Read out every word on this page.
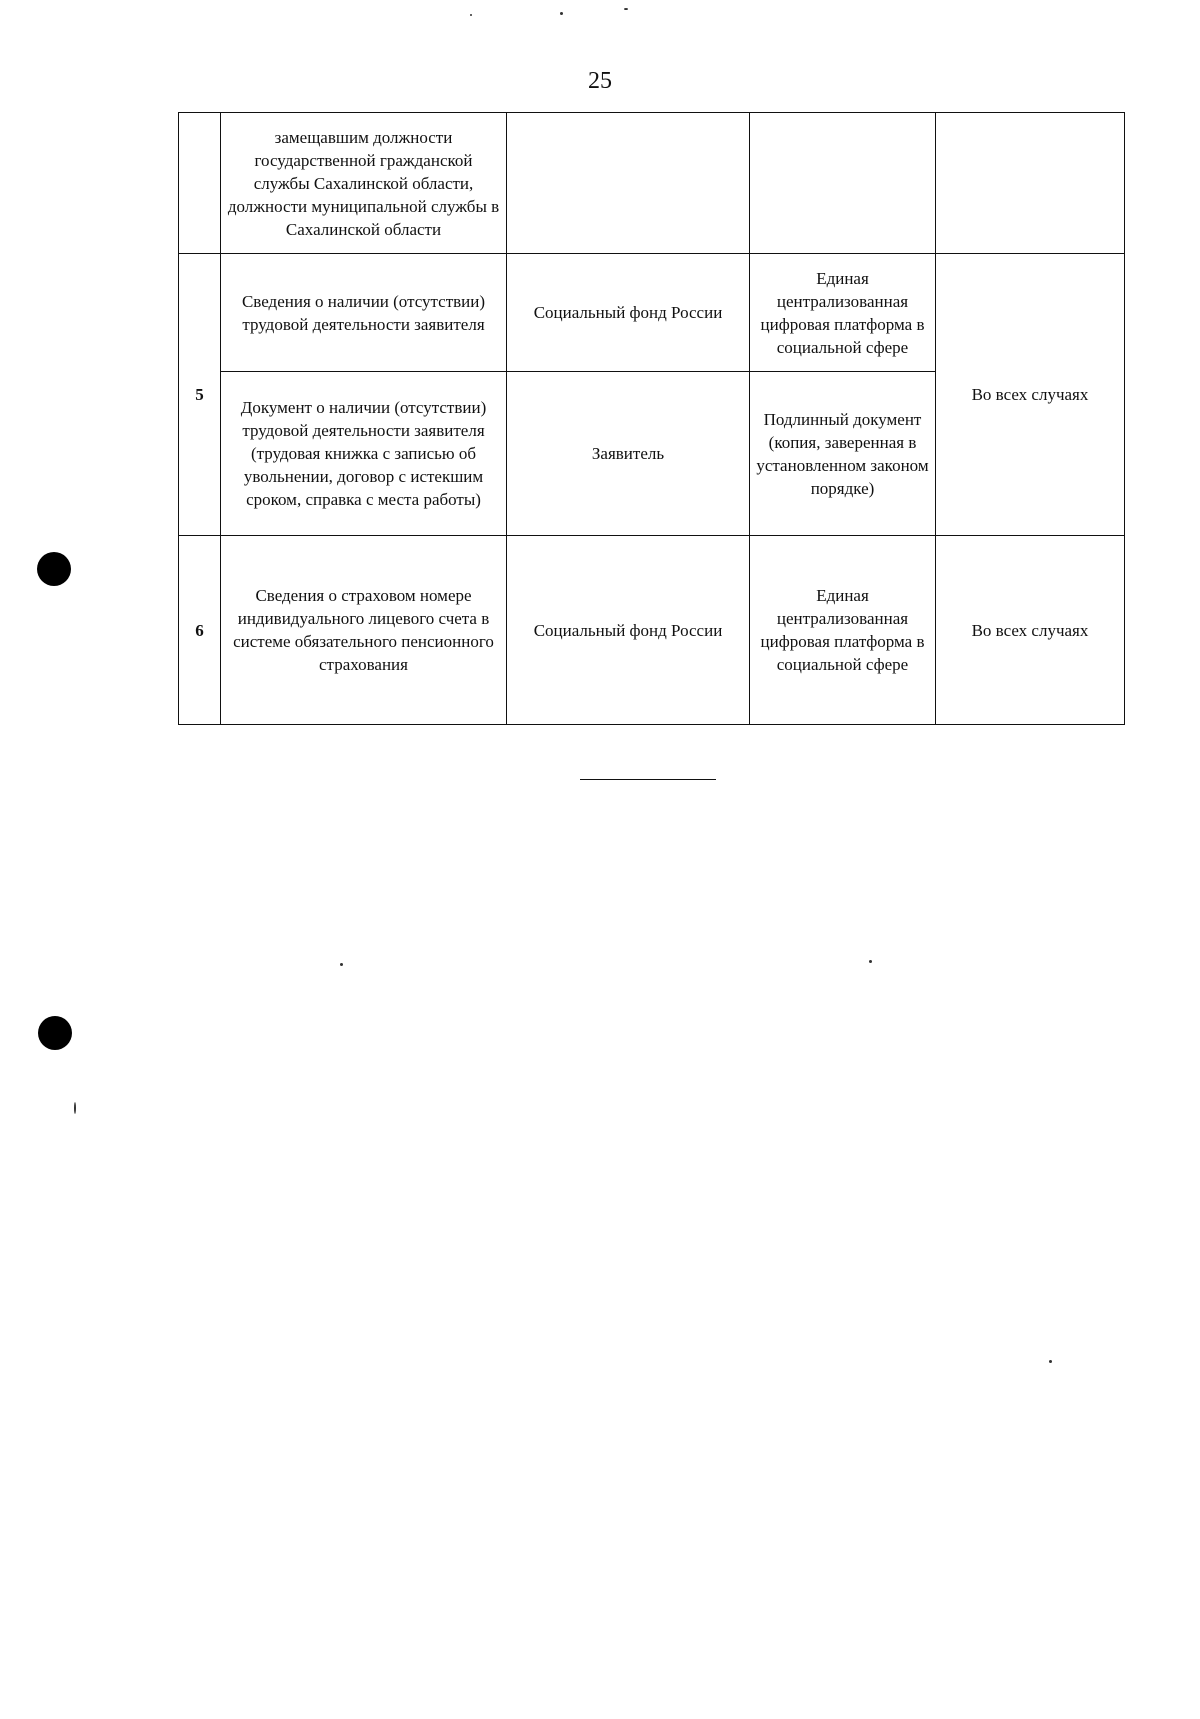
25
	замещавшим должности государственной гражданской службы Сахалинской области, должности муниципальной службы в Сахалинской области			
5	Сведения о наличии (отсутствии) трудовой деятельности заявителя	Социальный фонд России	Единая централизованная цифровая платформа в социальной сфере	Во всех случаях
	Документ о наличии (отсутствии) трудовой деятельности заявителя (трудовая книжка с записью об увольнении, договор с истекшим сроком, справка с места работы)	Заявитель	Подлинный документ (копия, заверенная в установленном законом порядке)	
6	Сведения о страховом номере индивидуального лицевого счета в системе обязательного пенсионного страхования	Социальный фонд России	Единая централизованная цифровая платформа в социальной сфере	Во всех случаях
